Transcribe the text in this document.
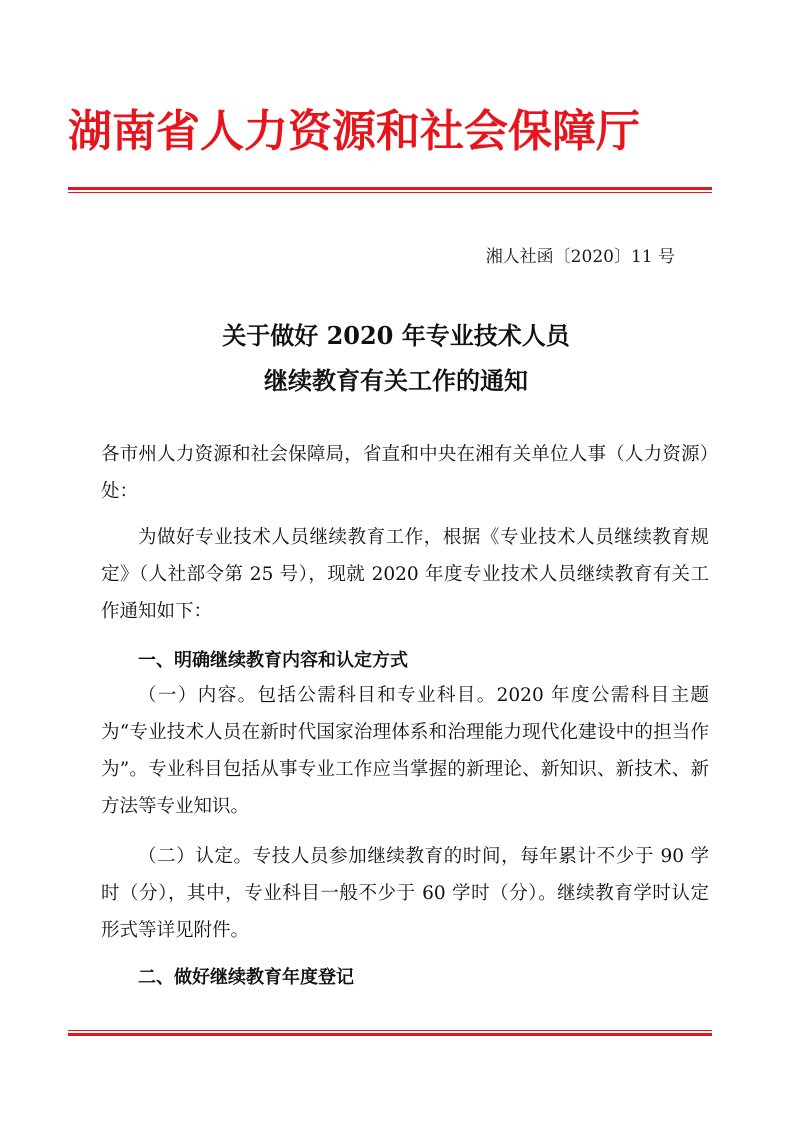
湖南省人力资源和社会保障厅
湘人社函〔2020〕11 号
关于做好 2020 年专业技术人员
继续教育有关工作的通知
各市州人力资源和社会保障局，省直和中央在湘有关单位人事（人力资源）处：
为做好专业技术人员继续教育工作，根据《专业技术人员继续教育规定》（人社部令第 25 号），现就 2020 年度专业技术人员继续教育有关工作通知如下：
一、明确继续教育内容和认定方式
（一）内容。包括公需科目和专业科目。2020 年度公需科目主题为“专业技术人员在新时代国家治理体系和治理能力现代化建设中的担当作为”。专业科目包括从事专业工作应当掌握的新理论、新知识、新技术、新方法等专业知识。
（二）认定。专技人员参加继续教育的时间，每年累计不少于 90 学时（分），其中，专业科目一般不少于 60 学时（分）。继续教育学时认定形式等详见附件。
二、做好继续教育年度登记
